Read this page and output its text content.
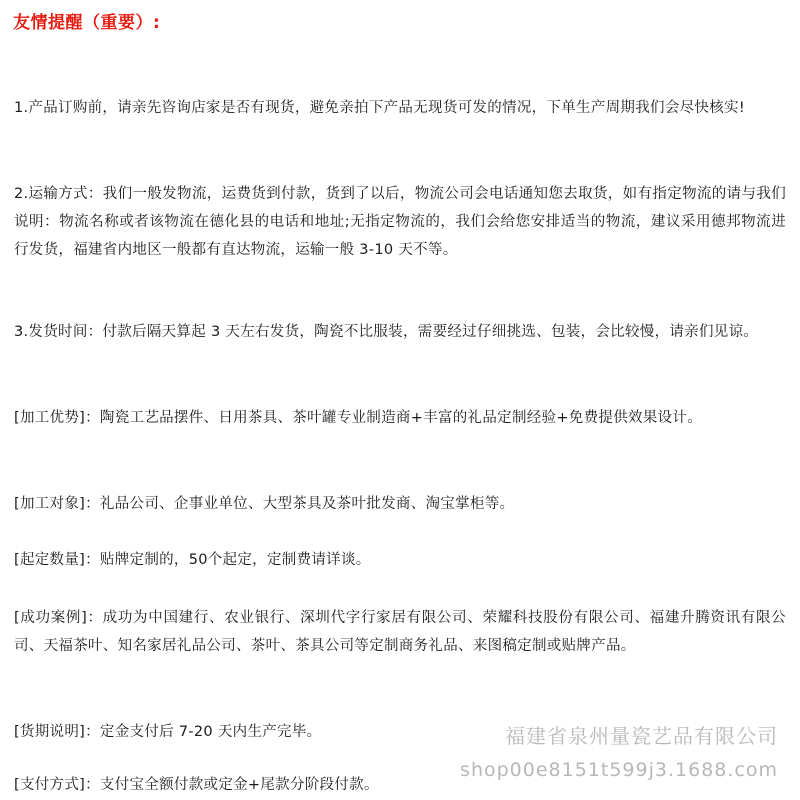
友情提醒（重要）:

1.产品订购前，请亲先咨询店家是否有现货，避免亲拍下产品无现货可发的情况，下单生产周期我们会尽快核实!

2.运输方式：我们一般发物流，运费货到付款，货到了以后，物流公司会电话通知您去取货，如有指定物流的请与我们说明：物流名称或者该物流在德化县的电话和地址;无指定物流的，我们会给您安排适当的物流，建议采用德邦物流进行发货，福建省内地区一般都有直达物流，运输一般 3-10 天不等。

3.发货时间：付款后隔天算起 3 天左右发货，陶瓷不比服装，需要经过仔细挑选、包装，会比较慢，请亲们见谅。

[加工优势]：陶瓷工艺品摆件、日用茶具、茶叶罐专业制造商+丰富的礼品定制经验+免费提供效果设计。

[加工对象]：礼品公司、企事业单位、大型茶具及茶叶批发商、淘宝掌柜等。

[起定数量]：贴牌定制的，50个起定，定制费请详谈。

[成功案例]：成功为中国建行、农业银行、深圳代字行家居有限公司、荣耀科技股份有限公司、福建升腾资讯有限公司、天福茶叶、知名家居礼品公司、茶叶、茶具公司等定制商务礼品、来图稿定制或贴牌产品。

[货期说明]：定金支付后 7-20 天内生产完毕。

[支付方式]：支付宝全额付款或定金+尾款分阶段付款。

福建省泉州量瓷艺品有限公司
shop00e8151t599j3.1688.com
